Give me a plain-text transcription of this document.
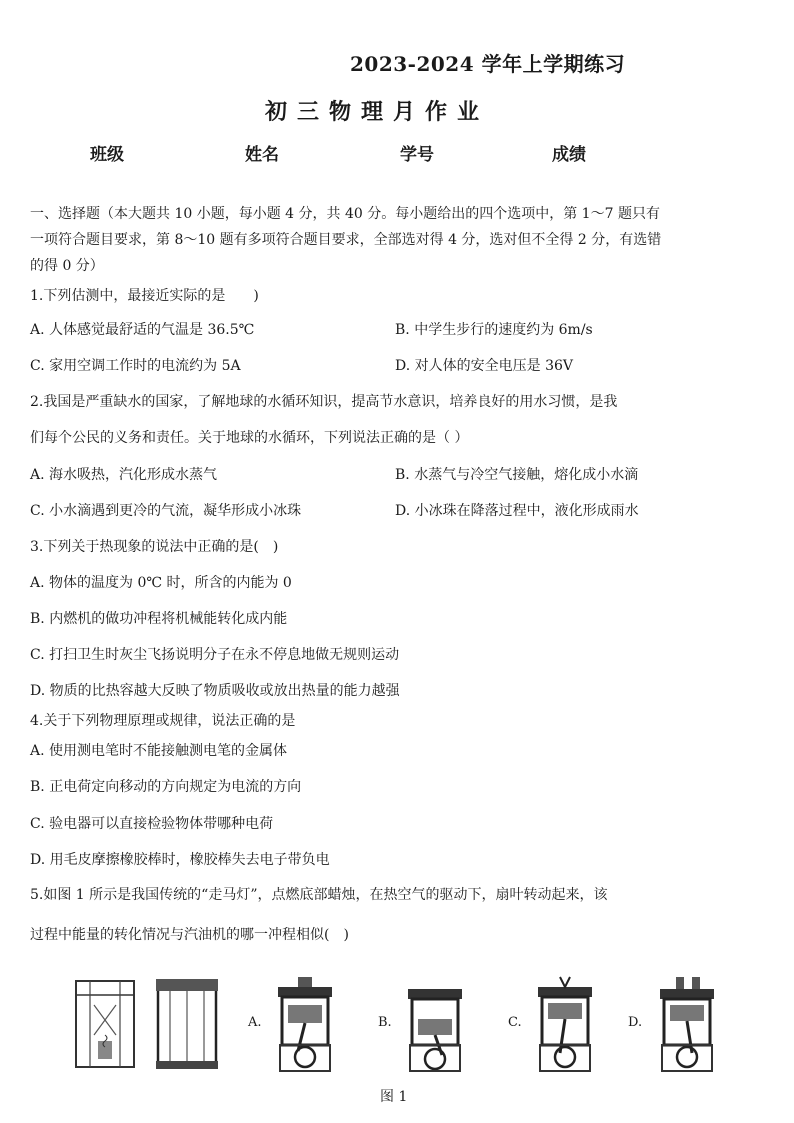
2023-2024 学年上学期练习
初三物理月作业
班级	姓名	学号	成绩
一、选择题（本大题共 10 小题，每小题 4 分，共 40 分。每小题给出的四个选项中，第 1～7 题只有
一项符合题目要求，第 8～10 题有多项符合题目要求，全部选对得 4 分，选对但不全得 2 分，有选错
的得 0 分）
1.下列估测中，最接近实际的是　　)
A. 人体感觉最舒适的气温是 36.5℃	B. 中学生步行的速度约为 6m/s
C. 家用空调工作时的电流约为 5A	D. 对人体的安全电压是 36V
2.我国是严重缺水的国家，了解地球的水循环知识，提高节水意识，培养良好的用水习惯，是我
们每个公民的义务和责任。关于地球的水循环，下列说法正确的是（ ）
A. 海水吸热，汽化形成水蒸气	B. 水蒸气与冷空气接触，熔化成小水滴
C. 小水滴遇到更冷的气流，凝华形成小冰珠	D. 小冰珠在降落过程中，液化形成雨水
3.下列关于热现象的说法中正确的是(　)
A. 物体的温度为 0℃ 时，所含的内能为 0
B. 内燃机的做功冲程将机械能转化成内能
C. 打扫卫生时灰尘飞扬说明分子在永不停息地做无规则运动
D. 物质的比热容越大反映了物质吸收或放出热量的能力越强
4.关于下列物理原理或规律，说法正确的是
A. 使用测电笔时不能接触测电笔的金属体
B. 正电荷定向移动的方向规定为电流的方向
C. 验电器可以直接检验物体带哪种电荷
D. 用毛皮摩擦橡胶棒时，橡胶棒失去电子带负电
5.如图 1 所示是我国传统的“走马灯”，点燃底部蜡烛，在热空气的驱动下，扇叶转动起来，该
过程中能量的转化情况与汽油机的哪一冲程相似(　)
A.	B.	C.	D.
图 1
